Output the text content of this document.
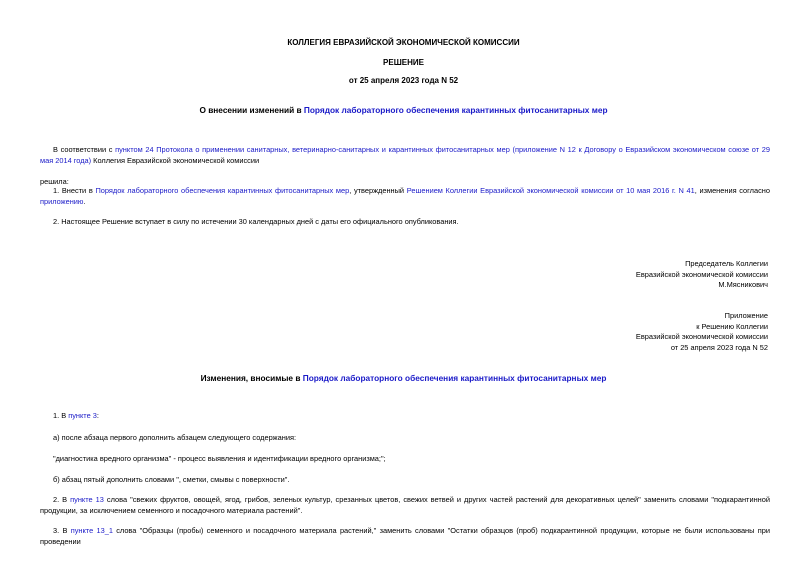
КОЛЛЕГИЯ ЕВРАЗИЙСКОЙ ЭКОНОМИЧЕСКОЙ КОМИССИИ
РЕШЕНИЕ
от 25 апреля 2023 года N 52
О внесении изменений в Порядок лабораторного обеспечения карантинных фитосанитарных мер
В соответствии с пунктом 24 Протокола о применении санитарных, ветеринарно-санитарных и карантинных фитосанитарных мер (приложение N 12 к Договору о Евразийском экономическом союзе от 29 мая 2014 года) Коллегия Евразийской экономической комиссии
решила:
1. Внести в Порядок лабораторного обеспечения карантинных фитосанитарных мер, утвержденный Решением Коллегии Евразийской экономической комиссии от 10 мая 2016 г. N 41, изменения согласно приложению.
2. Настоящее Решение вступает в силу по истечении 30 календарных дней с даты его официального опубликования.
Председатель Коллегии
Евразийской экономической комиссии
М.Мясникович
Приложение
к Решению Коллегии
Евразийской экономической комиссии
от 25 апреля 2023 года N 52
Изменения, вносимые в Порядок лабораторного обеспечения карантинных фитосанитарных мер
1. В пункте 3:
а) после абзаца первого дополнить абзацем следующего содержания:
"диагностика вредного организма" - процесс выявления и идентификации вредного организма;";
б) абзац пятый дополнить словами ", сметки, смывы с поверхности".
2. В пункте 13 слова "свежих фруктов, овощей, ягод, грибов, зеленых культур, срезанных цветов, свежих ветвей и других частей растений для декоративных целей" заменить словами "подкарантинной продукции, за исключением семенного и посадочного материала растений".
3. В пункте 13_1 слова "Образцы (пробы) семенного и посадочного материала растений," заменить словами "Остатки образцов (проб) подкарантинной продукции, которые не были использованы при проведении
